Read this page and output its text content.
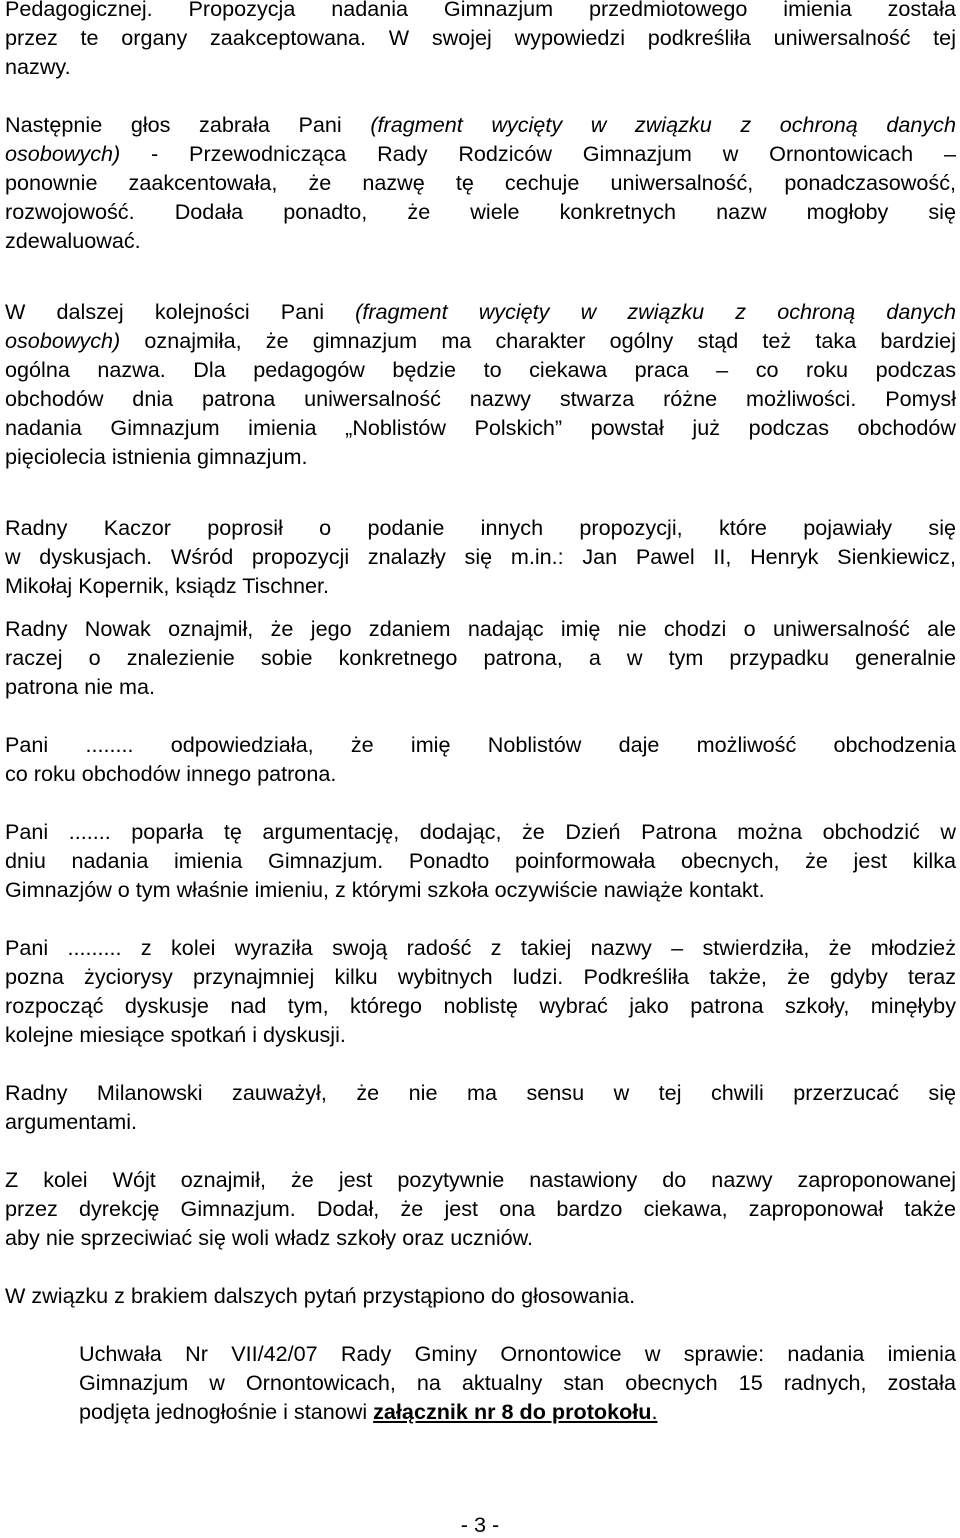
Pedagogicznej. Propozycja nadania Gimnazjum przedmiotowego imienia została
przez te organy zaakceptowana. W swojej wypowiedzi podkreśliła uniwersalność tej
nazwy.

Następnie głos zabrała Pani (fragment wycięty w związku z ochroną danych
osobowych) - Przewodnicząca Rady Rodziców Gimnazjum w Ornontowicach –
ponownie zaakcentowała, że nazwę tę cechuje uniwersalność, ponadczasowość,
rozwojowość. Dodała ponadto, że wiele konkretnych nazw mogłoby się
zdewaluować.

W dalszej kolejności Pani (fragment wycięty w związku z ochroną danych
osobowych) oznajmiła, że gimnazjum ma charakter ogólny stąd też taka bardziej
ogólna nazwa. Dla pedagogów będzie to ciekawa praca – co roku podczas
obchodów dnia patrona uniwersalność nazwy stwarza różne możliwości. Pomysł
nadania Gimnazjum imienia „Noblistów Polskich” powstał już podczas obchodów
pięciolecia istnienia gimnazjum.

Radny Kaczor poprosił o podanie innych propozycji, które pojawiały się
w dyskusjach. Wśród propozycji znalazły się m.in.: Jan Pawel II, Henryk Sienkiewicz,
Mikołaj Kopernik, ksiądz Tischner.

Radny Nowak oznajmił, że jego zdaniem nadając imię nie chodzi o uniwersalność ale
raczej o znalezienie sobie konkretnego patrona, a w tym przypadku generalnie
patrona nie ma.

Pani ........ odpowiedziała, że imię Noblistów daje możliwość obchodzenia
co roku obchodów innego patrona.

Pani ....... poparła tę argumentację, dodając, że Dzień Patrona można obchodzić w
dniu nadania imienia Gimnazjum. Ponadto poinformowała obecnych, że jest kilka
Gimnazjów o tym właśnie imieniu, z którymi szkoła oczywiście nawiąże kontakt.

Pani ......... z kolei wyraziła swoją radość z takiej nazwy – stwierdziła, że młodzież
pozna życiorysy przynajmniej kilku wybitnych ludzi. Podkreśliła także, że gdyby teraz
rozpocząć dyskusje nad tym, którego noblistę wybrać jako patrona szkoły, minęłyby
kolejne miesiące spotkań i dyskusji.

Radny Milanowski zauważył, że nie ma sensu w tej chwili przerzucać się
argumentami.

Z kolei Wójt oznajmił, że jest pozytywnie nastawiony do nazwy zaproponowanej
przez dyrekcję Gimnazjum. Dodał, że jest ona bardzo ciekawa, zaproponował także
aby nie sprzeciwiać się woli władz szkoły oraz uczniów.

W związku z brakiem dalszych pytań przystąpiono do głosowania.

Uchwała Nr VII/42/07 Rady Gminy Ornontowice w sprawie: nadania imienia
Gimnazjum w Ornontowicach, na aktualny stan obecnych 15 radnych, została
podjęta jednogłośnie i stanowi załącznik nr 8 do protokołu.

- 3 -
